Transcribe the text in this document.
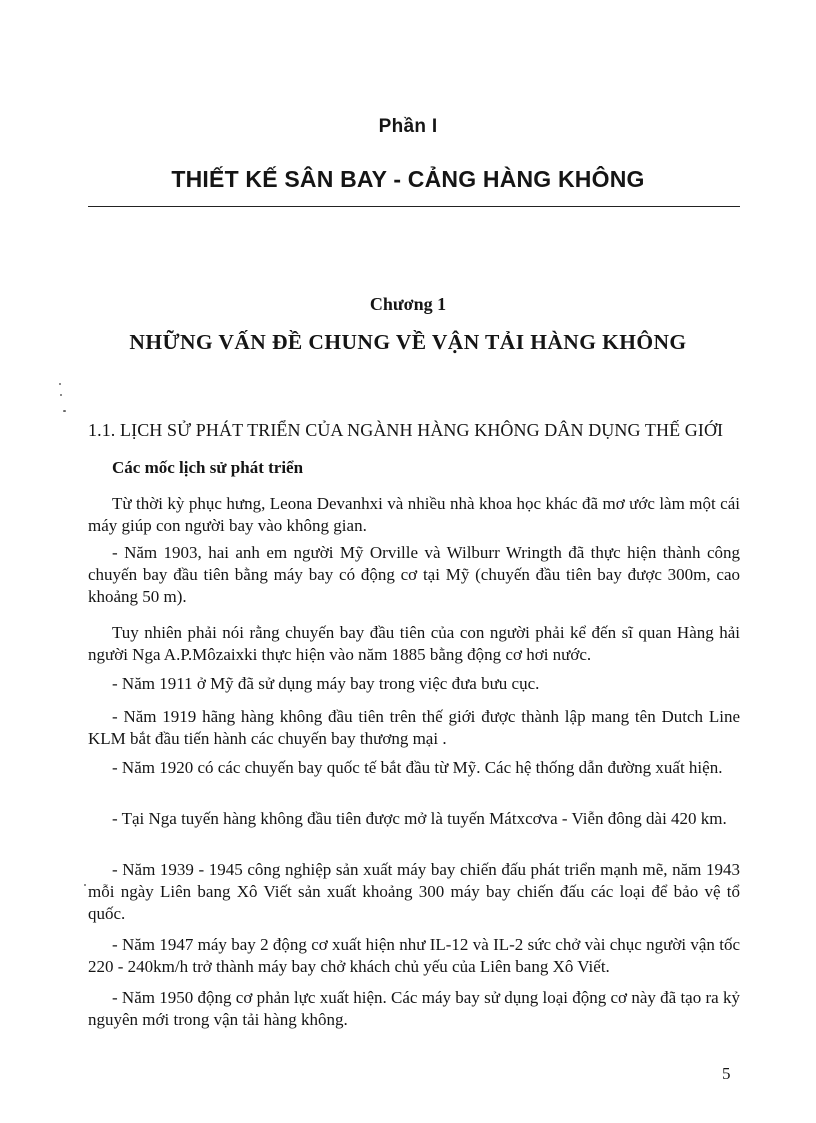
Phần I
THIẾT KẾ SÂN BAY - CẢNG HÀNG KHÔNG
Chương 1
NHỮNG VẤN ĐỀ CHUNG VỀ VẬN TẢI HÀNG KHÔNG
1.1. LỊCH SỬ PHÁT TRIỂN CỦA NGÀNH HÀNG KHÔNG DÂN DỤNG THẾ GIỚI
Các mốc lịch sử phát triển

Từ thời kỳ phục hưng, Leona Devanhxi và nhiều nhà khoa học khác đã mơ ước làm một cái máy giúp con người bay vào không gian.

- Năm 1903, hai anh em người Mỹ Orville và Wilburr Wringth đã thực hiện thành công chuyến bay đầu tiên bằng máy bay có động cơ tại Mỹ (chuyến đầu tiên bay được 300m, cao khoảng 50 m).

Tuy nhiên phải nói rằng chuyến bay đầu tiên của con người phải kể đến sĩ quan Hàng hải người Nga A.P.Môzaixki thực hiện vào năm 1885 bằng động cơ hơi nước.

- Năm 1911 ở Mỹ đã sử dụng máy bay trong việc đưa bưu cục.

- Năm 1919 hãng hàng không đầu tiên trên thế giới được thành lập mang tên Dutch Line KLM bắt đầu tiến hành các chuyến bay thương mại .

- Năm 1920 có các chuyến bay quốc tế bắt đầu từ Mỹ. Các hệ thống dẫn đường xuất hiện.

- Tại Nga tuyến hàng không đầu tiên được mở là tuyến Mátxcơva - Viễn đông dài 420 km.

- Năm 1939 - 1945 công nghiệp sản xuất máy bay chiến đấu phát triển mạnh mẽ, năm 1943 mỗi ngày Liên bang Xô Viết sản xuất khoảng 300 máy bay chiến đấu các loại để bảo vệ tổ quốc.

- Năm 1947 máy bay 2 động cơ xuất hiện như IL-12 và IL-2 sức chở vài chục người vận tốc 220 - 240km/h trở thành máy bay chở khách chủ yếu của Liên bang Xô Viết.

- Năm 1950 động cơ phản lực xuất hiện. Các máy bay sử dụng loại động cơ này đã tạo ra kỷ nguyên mới trong vận tải hàng không.

5
